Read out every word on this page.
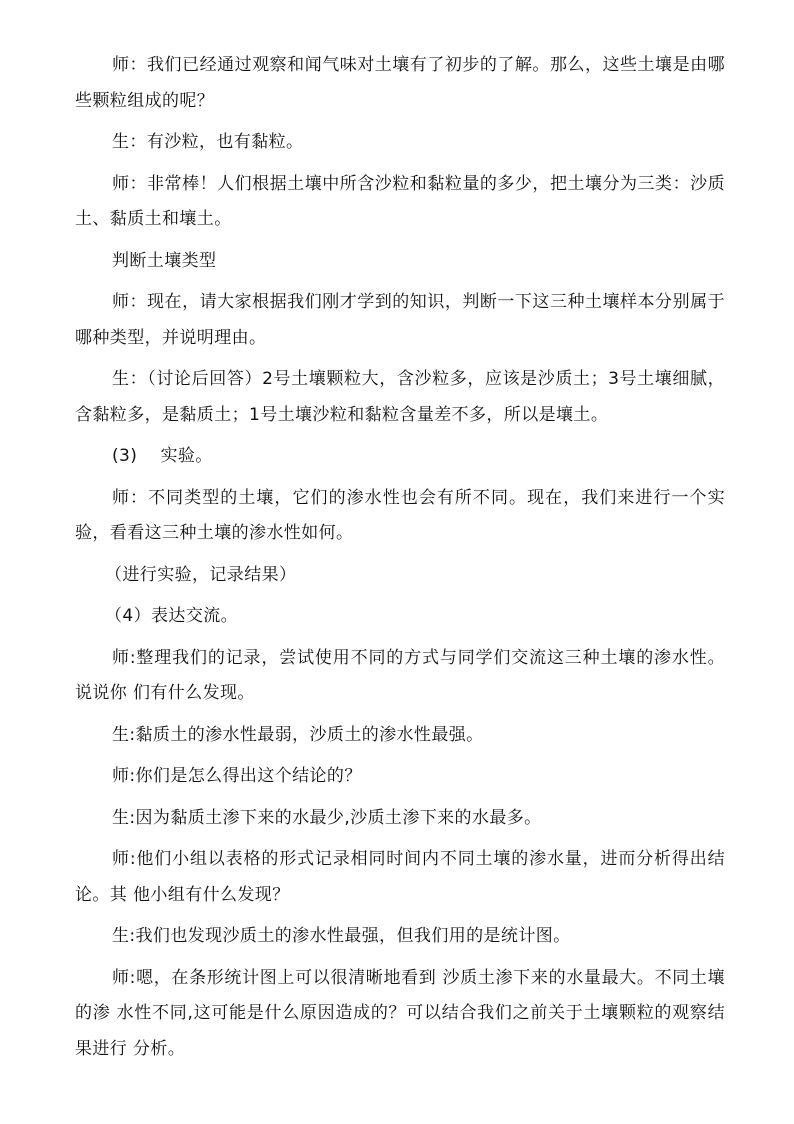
师：我们已经通过观察和闻气味对土壤有了初步的了解。那么，这些土壤是由哪些颗粒组成的呢？

生：有沙粒，也有黏粒。

师：非常棒！人们根据土壤中所含沙粒和黏粒量的多少，把土壤分为三类：沙质土、黏质土和壤土。

判断土壤类型

师：现在，请大家根据我们刚才学到的知识，判断一下这三种土壤样本分别属于哪种类型，并说明理由。

生：（讨论后回答）2号土壤颗粒大，含沙粒多，应该是沙质土；3号土壤细腻，含黏粒多，是黏质土；1号土壤沙粒和黏粒含量差不多，所以是壤土。

(3)　 实验。

师：不同类型的土壤，它们的渗水性也会有所不同。现在，我们来进行一个实验，看看这三种土壤的渗水性如何。

（进行实验，记录结果）

（4）表达交流。

师:整理我们的记录，尝试使用不同的方式与同学们交流这三种土壤的渗水性。说说你 们有什么发现。

生:黏质土的渗水性最弱，沙质土的渗水性最强。

师:你们是怎么得出这个结论的？

生:因为黏质土渗下来的水最少,沙质土渗下来的水最多。

师:他们小组以表格的形式记录相同时间内不同土壤的渗水量，进而分析得出结论。其 他小组有什么发现？

生:我们也发现沙质土的渗水性最强，但我们用的是统计图。

师:嗯，在条形统计图上可以很清晰地看到 沙质土渗下来的水量最大。不同土壤的渗 水性不同,这可能是什么原因造成的？可以结合我们之前关于土壤颗粒的观察结果进行 分析。
